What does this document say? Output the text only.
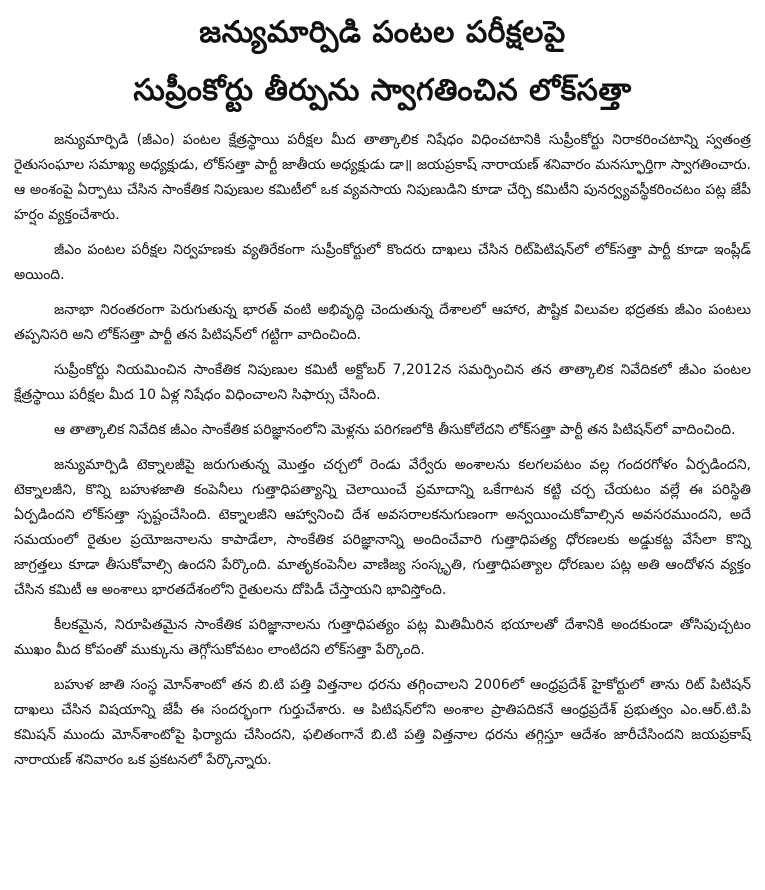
జన్యుమార్పిడి పంటల పరీక్షలపై

సుప్రీంకోర్టు తీర్పును స్వాగతించిన లోక్‌సత్తా

జన్యుమార్పిడి (జీఎం) పంటల క్షేత్రస్థాయి పరీక్షల మీద తాత్కాలిక నిషేధం విధించటానికి సుప్రీంకోర్టు నిరాకరించటాన్ని స్వతంత్ర రైతుసంఘాల సమాఖ్య అధ్యక్షుడు, లోక్‌సత్తా పార్టీ జాతీయ అధ్యక్షుడు డా॥ జయప్రకాష్ నారాయణ్ శనివారం మనస్ఫూర్తిగా స్వాగతించారు. ఆ అంశంపై ఏర్పాటు చేసిన సాంకేతిక నిపుణుల కమిటీలో ఒక వ్యవసాయ నిపుణుడిని కూడా చేర్చి కమిటీని పునర్వ్యవస్థీకరించటం పట్ల జేపీ హర్షం వ్యక్తంచేశారు.

జీఎం పంటల పరీక్షల నిర్వహణకు వ్యతిరేకంగా సుప్రీంకోర్టులో కొందరు దాఖలు చేసిన రిట్‌పిటిషన్‌లో లోక్‌సత్తా పార్టీ కూడా ఇంప్లీడ్ అయింది.

జనాభా నిరంతరంగా పెరుగుతున్న భారత్ వంటి అభివృద్ధి చెందుతున్న దేశాలలో ఆహార, పౌష్టిక విలువల భద్రతకు జీఎం పంటలు తప్పనిసరి అని లోక్‌సత్తా పార్టీ తన పిటిషన్‌లో గట్టిగా వాదించింది.

సుప్రీంకోర్టు నియమించిన సాంకేతిక నిపుణుల కమిటీ అక్టోబర్ 7,2012న సమర్పించిన తన తాత్కాలిక నివేదికలో జీఎం పంటల క్షేత్రస్థాయి పరీక్షల మీద 10 ఏళ్ల నిషేధం విధించాలని సిఫార్సు చేసింది.

ఆ తాత్కాలిక నివేదిక జీఎం సాంకేతిక పరిజ్ఞానంలోని మెళ్లను పరిగణలోకి తీసుకోలేదని లోక్‌సత్తా పార్టీ తన పిటిషన్‌లో వాదించింది.

జన్యుమార్పిడి టెక్నాలజీపై జరుగుతున్న మొత్తం చర్చలో రెండు వేర్వేరు అంశాలను కలగలపటం వల్ల గందరగోళం ఏర్పడిందని, టెక్నాలజీని, కొన్ని బహుళజాతి కంపెనీలు గుత్తాధిపత్యాన్ని చెలాయించే ప్రమాదాన్ని ఒకేగాటన కట్టి చర్చ చేయటం వల్లే ఈ పరిస్థితి ఏర్పడిందని లోక్‌సత్తా స్పష్టంచేసింది. టెక్నాలజీని ఆహ్వానించి దేశ అవసరాలకనుగుణంగా అన్వయించుకోవాల్సిన అవసరముందని, అదే సమయంలో రైతుల ప్రయోజనాలను కాపాడేలా, సాంకేతిక పరిజ్ఞానాన్ని అందించేవారి గుత్తాధిపత్య ధోరణలకు అడ్డుకట్ట వేసేలా కొన్ని జాగ్రత్తలు కూడా తీసుకోవాల్సి ఉందని పేర్కొంది. మాతృకంపెనీల వాణిజ్య సంస్కృతి, గుత్తాధిపత్యాల ధోరణుల పట్ల అతి ఆందోళన వ్యక్తం చేసిన కమిటీ ఆ అంశాలు భారతదేశంలోని రైతులను దోపిడీ చేస్తాయని భావిస్తోంది.

కీలకమైన, నిరూపితమైన సాంకేతిక పరిజ్ఞానాలను గుత్తాధిపత్యం పట్ల మితిమీరిన భయాలతో దేశానికి అందకుండా తోసిపుచ్చటం ముఖం మీద కోపంతో ముక్కును తెగ్గోసుకోవటం లాంటిదని లోక్‌సత్తా పేర్కొంది.

బహుళ జాతి సంస్థ మోన్‌శాంటో తన బి.టి పత్తి విత్తనాల ధరను తగ్గించాలని 2006లో ఆంధ్రప్రదేశ్ హైకోర్టులో తాను రిట్ పిటిషన్ దాఖలు చేసిన విషయాన్ని జేపీ ఈ సందర్భంగా గుర్తుచేశారు. ఆ పిటిషన్‌లోని అంశాల ప్రాతిపదికనే ఆంధ్రప్రదేశ్ ప్రభుత్వం ఎం.ఆర్.టి.పి కమిషన్ ముందు మోన్‌శాంటోపై ఫిర్యాదు చేసిందని, ఫలితంగానే బి.టి పత్తి విత్తనాల ధరను తగ్గిస్తూ ఆదేశం జారీచేసిందని జయప్రకాష్ నారాయణ్ శనివారం ఒక ప్రకటనలో పేర్కొన్నారు.
